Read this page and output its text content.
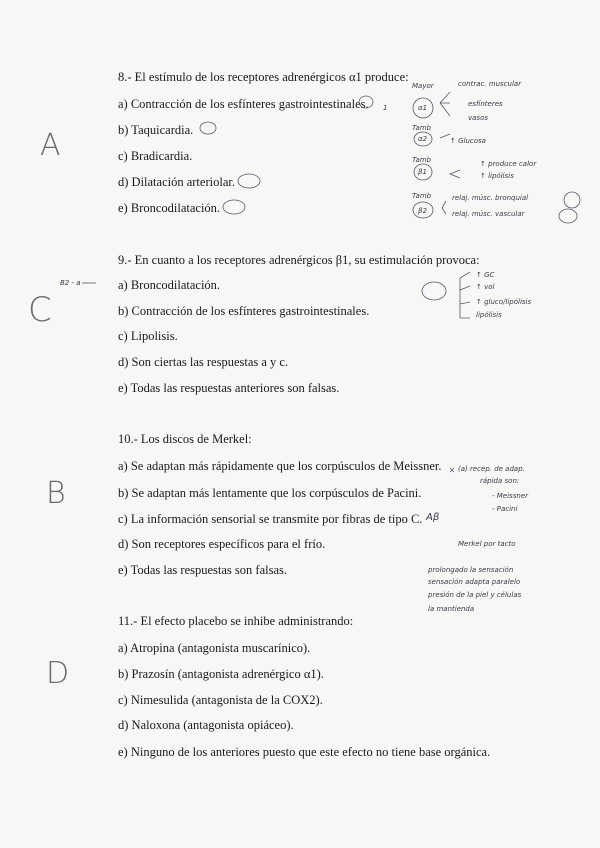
8.- El estímulo de los receptores adrenérgicos α1 produce:
a) Contracción de los esfínteres gastrointestinales.
b) Taquicardia.
c) Bradicardia.
d) Dilatación arteriolar.
e) Broncodilatación.
9.- En cuanto a los receptores adrenérgicos β1, su estimulación provoca:
a) Broncodilatación.
b) Contracción de los esfínteres gastrointestinales.
c) Lipolisis.
d) Son ciertas las respuestas a y c.
e) Todas las respuestas anteriores son falsas.
10.- Los discos de Merkel:
a) Se adaptan más rápidamente que los corpúsculos de Meissner.
b) Se adaptan más lentamente que los corpúsculos de Pacini.
c) La información sensorial se transmite por fibras de tipo C.
d) Son receptores específicos para el frío.
e) Todas las respuestas son falsas.
11.- El efecto placebo se inhibe administrando:
a) Atropina (antagonista muscarínico).
b) Prazosín (antagonista adrenérgico α1).
c) Nimesulida (antagonista de la COX2).
d) Naloxona (antagonista opiáceo).
e) Ninguno de los anteriores puesto que este efecto no tiene base orgánica.
A
C
B
D
contrac. muscular
esfínteres
vasos
↑ Glucosa
↑ produce calor
↑ lipólisis
relaj. músc. bronquial
relaj. músc. vascular
α1
α2
β1
β2
1
Mayor
Tamb
Tamb
Tamb
↑ GC
↑ vol
↑ gluco/lipólisis
lipólisis
B2 - a
(a) recep. de adap.
rápida son:
- Meissner
- Pacini
Merkel por tacto
prolongado la sensación
sensación adapta paralelo
presión de la piel y células
la mantienda
Aβ
